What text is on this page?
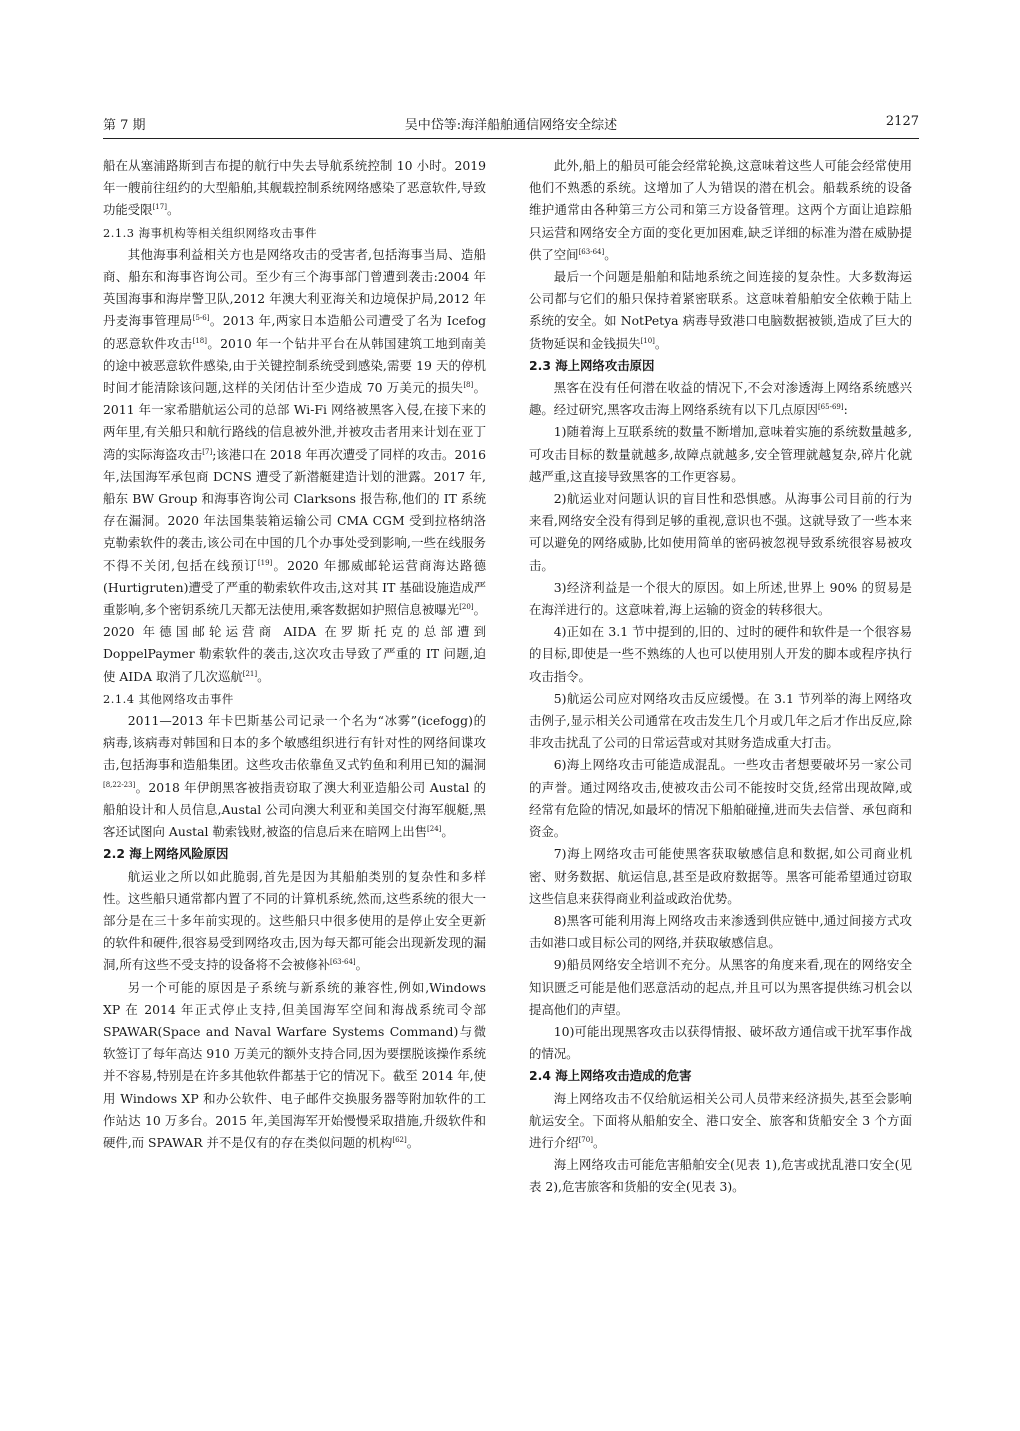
第 7 期	吴中岱等:海洋船舶通信网络安全综述	2127

船在从塞浦路斯到吉布提的航行中失去导航系统控制 10 小时。2019 年一艘前往纽约的大型船舶,其舰载控制系统网络感染了恶意软件,导致功能受限[17]。

2.1.3 海事机构等相关组织网络攻击事件

其他海事利益相关方也是网络攻击的受害者,包括海事当局、造船商、船东和海事咨询公司。至少有三个海事部门曾遭到袭击:2004 年英国海事和海岸警卫队,2012 年澳大利亚海关和边境保护局,2012 年丹麦海事管理局[5-6]。2013 年,两家日本造船公司遭受了名为 Icefog 的恶意软件攻击[18]。2010 年一个钻井平台在从韩国建筑工地到南美的途中被恶意软件感染,由于关键控制系统受到感染,需要 19 天的停机时间才能清除该问题,这样的关闭估计至少造成 70 万美元的损失[8]。2011 年一家希腊航运公司的总部 Wi-Fi 网络被黑客入侵,在接下来的两年里,有关船只和航行路线的信息被外泄,并被攻击者用来计划在亚丁湾的实际海盗攻击[7];该港口在 2018 年再次遭受了同样的攻击。2016 年,法国海军承包商 DCNS 遭受了新潜艇建造计划的泄露。2017 年,船东 BW Group 和海事咨询公司 Clarksons 报告称,他们的 IT 系统存在漏洞。2020 年法国集装箱运输公司 CMA CGM 受到拉格纳洛克勒索软件的袭击,该公司在中国的几个办事处受到影响,一些在线服务不得不关闭,包括在线预订[19]。2020 年挪威邮轮运营商海达路德(Hurtigruten)遭受了严重的勒索软件攻击,这对其 IT 基础设施造成严重影响,多个密钥系统几天都无法使用,乘客数据如护照信息被曝光[20]。2020 年德国邮轮运营商 AIDA 在罗斯托克的总部遭到 DoppelPaymer 勒索软件的袭击,这次攻击导致了严重的 IT 问题,迫使 AIDA 取消了几次巡航[21]。

2.1.4 其他网络攻击事件

2011—2013 年卡巴斯基公司记录一个名为“冰雾”(icefogg)的病毒,该病毒对韩国和日本的多个敏感组织进行有针对性的网络间谍攻击,包括海事和造船集团。这些攻击依靠鱼叉式钓鱼和利用已知的漏洞[8,22-23]。2018 年伊朗黑客被指责窃取了澳大利亚造船公司 Austal 的船舶设计和人员信息,Austal 公司向澳大利亚和美国交付海军舰艇,黑客还试图向 Austal 勒索钱财,被盗的信息后来在暗网上出售[24]。

2.2 海上网络风险原因

航运业之所以如此脆弱,首先是因为其船舶类别的复杂性和多样性。这些船只通常都内置了不同的计算机系统,然而,这些系统的很大一部分是在三十多年前实现的。这些船只中很多使用的是停止安全更新的软件和硬件,很容易受到网络攻击,因为每天都可能会出现新发现的漏洞,所有这些不受支持的设备将不会被修补[63-64]。

另一个可能的原因是子系统与新系统的兼容性,例如,Windows XP 在 2014 年正式停止支持,但美国海军空间和海战系统司令部 SPAWAR(Space and Naval Warfare Systems Command)与微软签订了每年高达 910 万美元的额外支持合同,因为要摆脱该操作系统并不容易,特别是在许多其他软件都基于它的情况下。截至 2014 年,使用 Windows XP 和办公软件、电子邮件交换服务器等附加软件的工作站达 10 万多台。2015 年,美国海军开始慢慢采取措施,升级软件和硬件,而 SPAWAR 并不是仅有的存在类似问题的机构[62]。

此外,船上的船员可能会经常轮换,这意味着这些人可能会经常使用他们不熟悉的系统。这增加了人为错误的潜在机会。船载系统的设备维护通常由各种第三方公司和第三方设备管理。这两个方面让追踪船只运营和网络安全方面的变化更加困难,缺乏详细的标准为潜在威胁提供了空间[63-64]。

最后一个问题是船舶和陆地系统之间连接的复杂性。大多数海运公司都与它们的船只保持着紧密联系。这意味着船舶安全依赖于陆上系统的安全。如 NotPetya 病毒导致港口电脑数据被锁,造成了巨大的货物延误和金钱损失[10]。

2.3 海上网络攻击原因

黑客在没有任何潜在收益的情况下,不会对渗透海上网络系统感兴趣。经过研究,黑客攻击海上网络系统有以下几点原因[65-69]:

1)随着海上互联系统的数量不断增加,意味着实施的系统数量越多,可攻击目标的数量就越多,故障点就越多,安全管理就越复杂,碎片化就越严重,这直接导致黑客的工作更容易。

2)航运业对问题认识的盲目性和恐惧感。从海事公司目前的行为来看,网络安全没有得到足够的重视,意识也不强。这就导致了一些本来可以避免的网络威胁,比如使用简单的密码被忽视导致系统很容易被攻击。

3)经济利益是一个很大的原因。如上所述,世界上 90% 的贸易是在海洋进行的。这意味着,海上运输的资金的转移很大。

4)正如在 3.1 节中提到的,旧的、过时的硬件和软件是一个很容易的目标,即使是一些不熟练的人也可以使用别人开发的脚本或程序执行攻击指令。

5)航运公司应对网络攻击反应缓慢。在 3.1 节列举的海上网络攻击例子,显示相关公司通常在攻击发生几个月或几年之后才作出反应,除非攻击扰乱了公司的日常运营或对其财务造成重大打击。

6)海上网络攻击可能造成混乱。一些攻击者想要破坏另一家公司的声誉。通过网络攻击,使被攻击公司不能按时交货,经常出现故障,或经常有危险的情况,如最坏的情况下船舶碰撞,进而失去信誉、承包商和资金。

7)海上网络攻击可能使黑客获取敏感信息和数据,如公司商业机密、财务数据、航运信息,甚至是政府数据等。黑客可能希望通过窃取这些信息来获得商业利益或政治优势。

8)黑客可能利用海上网络攻击来渗透到供应链中,通过间接方式攻击如港口或目标公司的网络,并获取敏感信息。

9)船员网络安全培训不充分。从黑客的角度来看,现在的网络安全知识匮乏可能是他们恶意活动的起点,并且可以为黑客提供练习机会以提高他们的声望。

10)可能出现黑客攻击以获得情报、破坏敌方通信或干扰军事作战的情况。

2.4 海上网络攻击造成的危害

海上网络攻击不仅给航运相关公司人员带来经济损失,甚至会影响航运安全。下面将从船舶安全、港口安全、旅客和货船安全 3 个方面进行介绍[70]。

海上网络攻击可能危害船舶安全(见表 1),危害或扰乱港口安全(见表 2),危害旅客和货船的安全(见表 3)。
